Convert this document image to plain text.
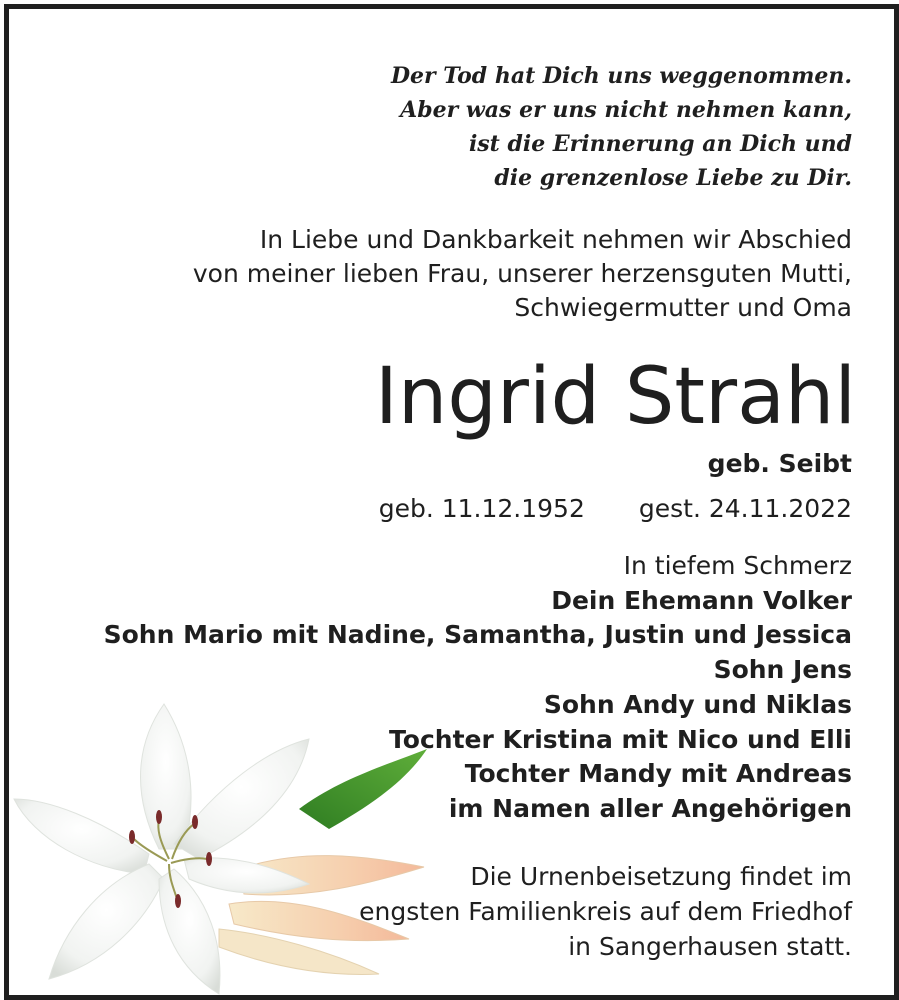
Der Tod hat Dich uns weggenommen.
Aber was er uns nicht nehmen kann,
ist die Erinnerung an Dich und
die grenzenlose Liebe zu Dir.
In Liebe und Dankbarkeit nehmen wir Abschied
von meiner lieben Frau, unserer herzensguten Mutti,
Schwiegermutter und Oma
Ingrid Strahl
geb. Seibt
geb. 11.12.1952 gest. 24.11.2022
In tiefem Schmerz
Dein Ehemann Volker
Sohn Mario mit Nadine, Samantha, Justin und Jessica
Sohn Jens
Sohn Andy und Niklas
Tochter Kristina mit Nico und Elli
Tochter Mandy mit Andreas
im Namen aller Angehörigen
Die Urnenbeisetzung findet im
engsten Familienkreis auf dem Friedhof
in Sangerhausen statt.
